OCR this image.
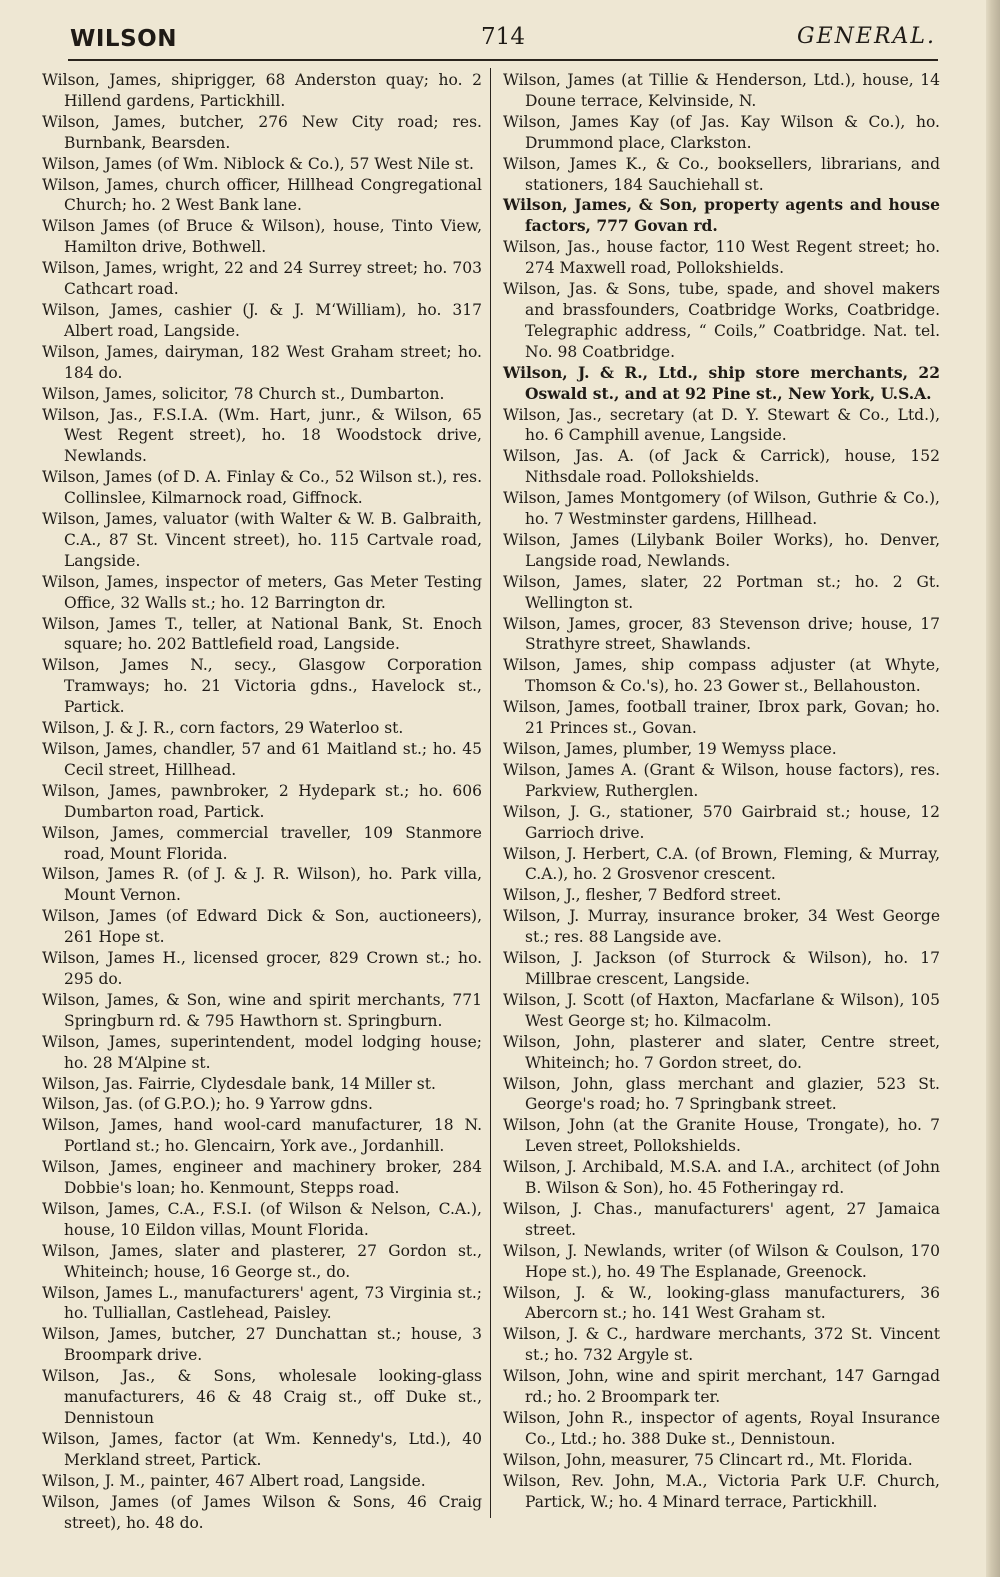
WILSON	714	GENERAL.
Wilson, James, shiprigger, 68 Anderston quay; ho. 2 Hillend gardens, Partickhill.
Wilson, James, butcher, 276 New City road; res. Burnbank, Bearsden.
Wilson, James (of Wm. Niblock & Co.), 57 West Nile st.
Wilson, James, church officer, Hillhead Congregational Church; ho. 2 West Bank lane.
Wilson James (of Bruce & Wilson), house, Tinto View, Hamilton drive, Bothwell.
Wilson, James, wright, 22 and 24 Surrey street; ho. 703 Cathcart road.
Wilson, James, cashier (J. & J. M‘William), ho. 317 Albert road, Langside.
Wilson, James, dairyman, 182 West Graham street; ho. 184 do.
Wilson, James, solicitor, 78 Church st., Dumbarton.
Wilson, Jas., F.S.I.A. (Wm. Hart, junr., & Wilson, 65 West Regent street), ho. 18 Woodstock drive, Newlands.
Wilson, James (of D. A. Finlay & Co., 52 Wilson st.), res. Collinslee, Kilmarnock road, Giffnock.
Wilson, James, valuator (with Walter & W. B. Galbraith, C.A., 87 St. Vincent street), ho. 115 Cartvale road, Langside.
Wilson, James, inspector of meters, Gas Meter Testing Office, 32 Walls st.; ho. 12 Barrington dr.
Wilson, James T., teller, at National Bank, St. Enoch square; ho. 202 Battlefield road, Langside.
Wilson, James N., secy., Glasgow Corporation Tramways; ho. 21 Victoria gdns., Havelock st., Partick.
Wilson, J. & J. R., corn factors, 29 Waterloo st.
Wilson, James, chandler, 57 and 61 Maitland st.; ho. 45 Cecil street, Hillhead.
Wilson, James, pawnbroker, 2 Hydepark st.; ho. 606 Dumbarton road, Partick.
Wilson, James, commercial traveller, 109 Stanmore road, Mount Florida.
Wilson, James R. (of J. & J. R. Wilson), ho. Park villa, Mount Vernon.
Wilson, James (of Edward Dick & Son, auctioneers), 261 Hope st.
Wilson, James H., licensed grocer, 829 Crown st.; ho. 295 do.
Wilson, James, & Son, wine and spirit merchants, 771 Springburn rd. & 795 Hawthorn st. Springburn.
Wilson, James, superintendent, model lodging house; ho. 28 M‘Alpine st.
Wilson, Jas. Fairrie, Clydesdale bank, 14 Miller st.
Wilson, Jas. (of G.P.O.); ho. 9 Yarrow gdns.
Wilson, James, hand wool-card manufacturer, 18 N. Portland st.; ho. Glencairn, York ave., Jordanhill.
Wilson, James, engineer and machinery broker, 284 Dobbie's loan; ho. Kenmount, Stepps road.
Wilson, James, C.A., F.S.I. (of Wilson & Nelson, C.A.), house, 10 Eildon villas, Mount Florida.
Wilson, James, slater and plasterer, 27 Gordon st., Whiteinch; house, 16 George st., do.
Wilson, James L., manufacturers' agent, 73 Virginia st.; ho. Tulliallan, Castlehead, Paisley.
Wilson, James, butcher, 27 Dunchattan st.; house, 3 Broompark drive.
Wilson, Jas., & Sons, wholesale looking-glass manufacturers, 46 & 48 Craig st., off Duke st., Dennistoun
Wilson, James, factor (at Wm. Kennedy's, Ltd.), 40 Merkland street, Partick.
Wilson, J. M., painter, 467 Albert road, Langside.
Wilson, James (of James Wilson & Sons, 46 Craig street), ho. 48 do.
Wilson, James (at Tillie & Henderson, Ltd.), house, 14 Doune terrace, Kelvinside, N.
Wilson, James Kay (of Jas. Kay Wilson & Co.), ho. Drummond place, Clarkston.
Wilson, James K., & Co., booksellers, librarians, and stationers, 184 Sauchiehall st.
Wilson, James, & Son, property agents and house factors, 777 Govan rd.
Wilson, Jas., house factor, 110 West Regent street; ho. 274 Maxwell road, Pollokshields.
Wilson, Jas. & Sons, tube, spade, and shovel makers and brassfounders, Coatbridge Works, Coatbridge. Telegraphic address, “ Coils,” Coatbridge. Nat. tel. No. 98 Coatbridge.
Wilson, J. & R., Ltd., ship store merchants, 22 Oswald st., and at 92 Pine st., New York, U.S.A.
Wilson, Jas., secretary (at D. Y. Stewart & Co., Ltd.), ho. 6 Camphill avenue, Langside.
Wilson, Jas. A. (of Jack & Carrick), house, 152 Nithsdale road. Pollokshields.
Wilson, James Montgomery (of Wilson, Guthrie & Co.), ho. 7 Westminster gardens, Hillhead.
Wilson, James (Lilybank Boiler Works), ho. Denver, Langside road, Newlands.
Wilson, James, slater, 22 Portman st.; ho. 2 Gt. Wellington st.
Wilson, James, grocer, 83 Stevenson drive; house, 17 Strathyre street, Shawlands.
Wilson, James, ship compass adjuster (at Whyte, Thomson & Co.'s), ho. 23 Gower st., Bellahouston.
Wilson, James, football trainer, Ibrox park, Govan; ho. 21 Princes st., Govan.
Wilson, James, plumber, 19 Wemyss place.
Wilson, James A. (Grant & Wilson, house factors), res. Parkview, Rutherglen.
Wilson, J. G., stationer, 570 Gairbraid st.; house, 12 Garrioch drive.
Wilson, J. Herbert, C.A. (of Brown, Fleming, & Murray, C.A.), ho. 2 Grosvenor crescent.
Wilson, J., flesher, 7 Bedford street.
Wilson, J. Murray, insurance broker, 34 West George st.; res. 88 Langside ave.
Wilson, J. Jackson (of Sturrock & Wilson), ho. 17 Millbrae crescent, Langside.
Wilson, J. Scott (of Haxton, Macfarlane & Wilson), 105 West George st; ho. Kilmacolm.
Wilson, John, plasterer and slater, Centre street, Whiteinch; ho. 7 Gordon street, do.
Wilson, John, glass merchant and glazier, 523 St. George's road; ho. 7 Springbank street.
Wilson, John (at the Granite House, Trongate), ho. 7 Leven street, Pollokshields.
Wilson, J. Archibald, M.S.A. and I.A., architect (of John B. Wilson & Son), ho. 45 Fotheringay rd.
Wilson, J. Chas., manufacturers' agent, 27 Jamaica street.
Wilson, J. Newlands, writer (of Wilson & Coulson, 170 Hope st.), ho. 49 The Esplanade, Greenock.
Wilson, J. & W., looking-glass manufacturers, 36 Abercorn st.; ho. 141 West Graham st.
Wilson, J. & C., hardware merchants, 372 St. Vincent st.; ho. 732 Argyle st.
Wilson, John, wine and spirit merchant, 147 Garngad rd.; ho. 2 Broompark ter.
Wilson, John R., inspector of agents, Royal Insurance Co., Ltd.; ho. 388 Duke st., Dennistoun.
Wilson, John, measurer, 75 Clincart rd., Mt. Florida.
Wilson, Rev. John, M.A., Victoria Park U.F. Church, Partick, W.; ho. 4 Minard terrace, Partickhill.
